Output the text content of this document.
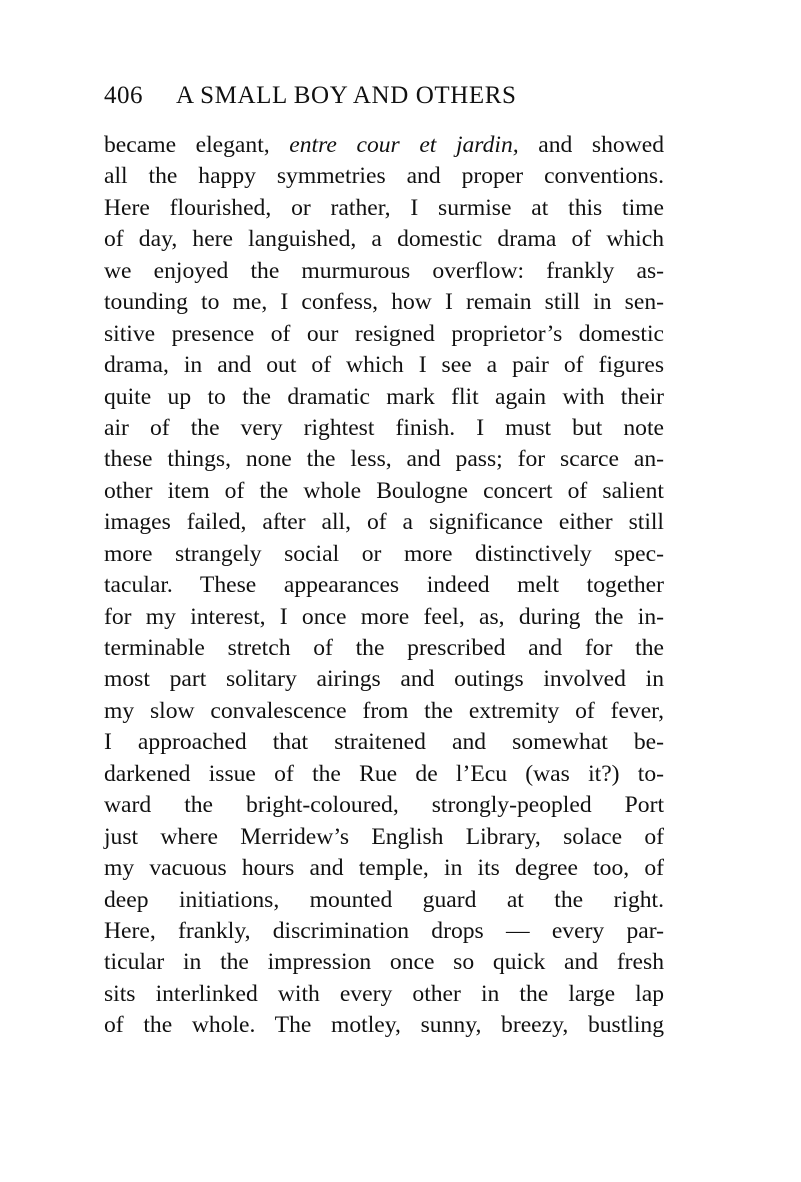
406	A SMALL BOY AND OTHERS
became elegant, entre cour et jardin, and showed
all the happy symmetries and proper conventions.
Here flourished, or rather, I surmise at this time
of day, here languished, a domestic drama of which
we enjoyed the murmurous overflow: frankly as-
tounding to me, I confess, how I remain still in sen-
sitive presence of our resigned proprietor’s domestic
drama, in and out of which I see a pair of figures
quite up to the dramatic mark flit again with their
air of the very rightest finish. I must but note
these things, none the less, and pass; for scarce an-
other item of the whole Boulogne concert of salient
images failed, after all, of a significance either still
more strangely social or more distinctively spec-
tacular. These appearances indeed melt together
for my interest, I once more feel, as, during the in-
terminable stretch of the prescribed and for the
most part solitary airings and outings involved in
my slow convalescence from the extremity of fever,
I approached that straitened and somewhat be-
darkened issue of the Rue de l’Ecu (was it?) to-
ward the bright-coloured, strongly-peopled Port
just where Merridew’s English Library, solace of
my vacuous hours and temple, in its degree too, of
deep initiations, mounted guard at the right.
Here, frankly, discrimination drops — every par-
ticular in the impression once so quick and fresh
sits interlinked with every other in the large lap
of the whole. The motley, sunny, breezy, bustling
